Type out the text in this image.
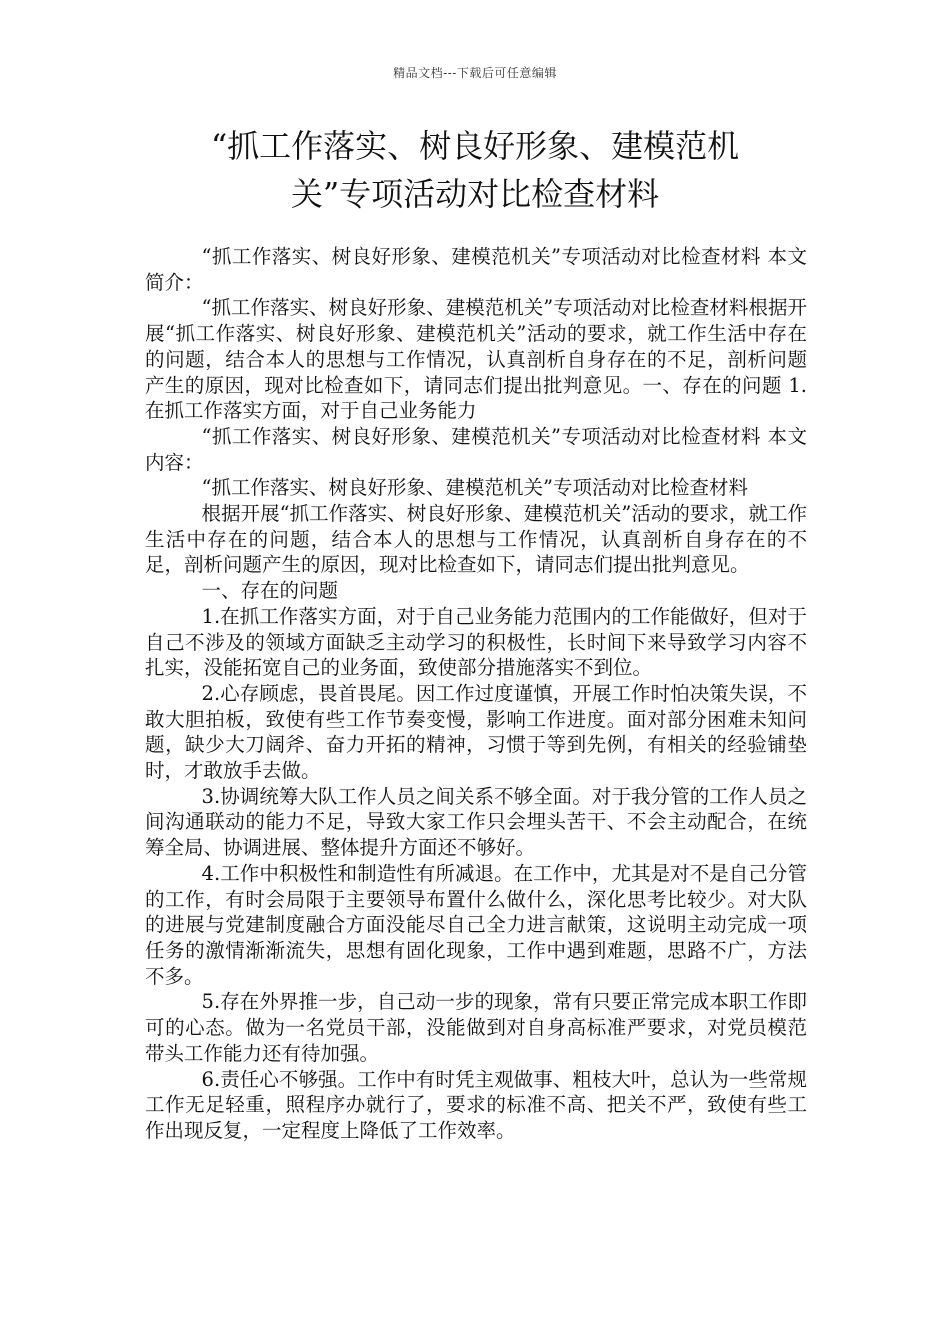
精品文档---下载后可任意编辑
“抓工作落实、树良好形象、建模范机关”专项活动对比检查材料

“抓工作落实、树良好形象、建模范机关”专项活动对比检查材料 本文简介：

“抓工作落实、树良好形象、建模范机关”专项活动对比检查材料根据开展“抓工作落实、树良好形象、建模范机关”活动的要求，就工作生活中存在的问题，结合本人的思想与工作情况，认真剖析自身存在的不足，剖析问题产生的原因，现对比检查如下，请同志们提出批判意见。一、存在的问题 1.在抓工作落实方面，对于自己业务能力

“抓工作落实、树良好形象、建模范机关”专项活动对比检查材料 本文内容：

“抓工作落实、树良好形象、建模范机关”专项活动对比检查材料

根据开展“抓工作落实、树良好形象、建模范机关”活动的要求，就工作生活中存在的问题，结合本人的思想与工作情况，认真剖析自身存在的不足，剖析问题产生的原因，现对比检查如下，请同志们提出批判意见。

一、存在的问题

1.在抓工作落实方面，对于自己业务能力范围内的工作能做好，但对于自己不涉及的领域方面缺乏主动学习的积极性，长时间下来导致学习内容不扎实，没能拓宽自己的业务面，致使部分措施落实不到位。

2.心存顾虑，畏首畏尾。因工作过度谨慎，开展工作时怕决策失误，不敢大胆拍板，致使有些工作节奏变慢，影响工作进度。面对部分困难未知问题，缺少大刀阔斧、奋力开拓的精神，习惯于等到先例，有相关的经验铺垫时，才敢放手去做。

3.协调统筹大队工作人员之间关系不够全面。对于我分管的工作人员之间沟通联动的能力不足，导致大家工作只会埋头苦干、不会主动配合，在统筹全局、协调进展、整体提升方面还不够好。

4.工作中积极性和制造性有所减退。在工作中，尤其是对不是自己分管的工作，有时会局限于主要领导布置什么做什么，深化思考比较少。对大队的进展与党建制度融合方面没能尽自己全力进言献策，这说明主动完成一项任务的激情渐渐流失，思想有固化现象，工作中遇到难题，思路不广，方法不多。

5.存在外界推一步，自己动一步的现象，常有只要正常完成本职工作即可的心态。做为一名党员干部，没能做到对自身高标准严要求，对党员模范带头工作能力还有待加强。

6.责任心不够强。工作中有时凭主观做事、粗枝大叶，总认为一些常规工作无足轻重，照程序办就行了，要求的标准不高、把关不严，致使有些工作出现反复，一定程度上降低了工作效率。
